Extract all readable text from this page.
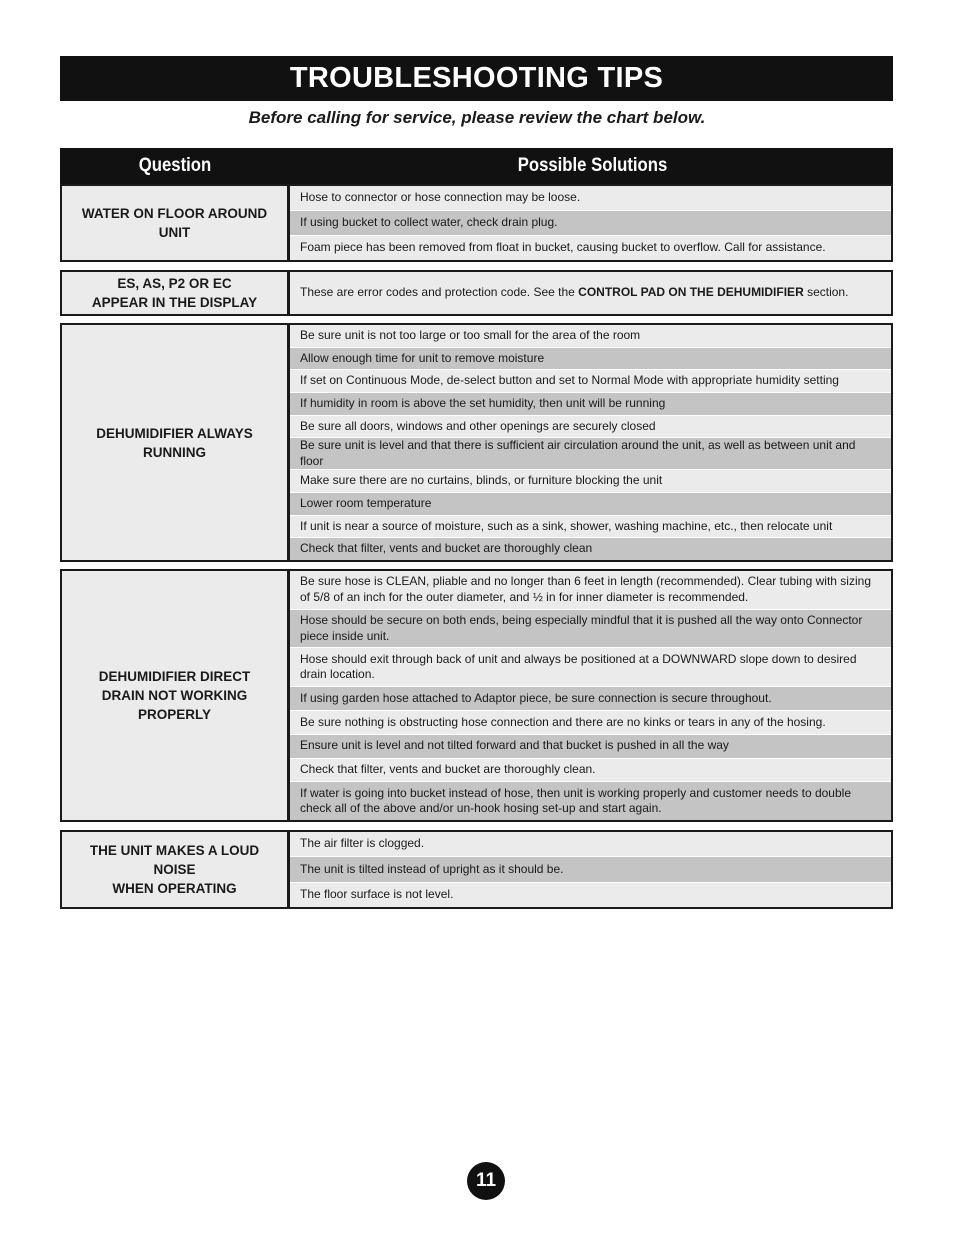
TROUBLESHOOTING TIPS
Before calling for service, please review the chart below.
Question	Possible Solutions
WATER ON FLOOR AROUND UNIT
Hose to connector or hose connection may be loose.
If using bucket to collect water, check drain plug.
Foam piece has been removed from float in bucket, causing bucket to overflow. Call for assistance.
ES, AS, P2 OR EC
APPEAR IN THE DISPLAY
These are error codes and protection code. See the CONTROL PAD ON THE DEHUMIDIFIER section.
DEHUMIDIFIER ALWAYS
RUNNING
Be sure unit is not too large or too small for the area of the room
Allow enough time for unit to remove moisture
If set on Continuous Mode, de-select button and set to Normal Mode with appropriate humidity setting
If humidity in room is above the set humidity, then unit will be running
Be sure all doors, windows and other openings are securely closed
Be sure unit is level and that there is sufficient air circulation around the unit, as well as between unit and floor
Make sure there are no curtains, blinds, or furniture blocking the unit
Lower room temperature
If unit is near a source of moisture, such as a sink, shower, washing machine, etc., then relocate unit
Check that filter, vents and bucket are thoroughly clean
DEHUMIDIFIER DIRECT
DRAIN NOT WORKING
PROPERLY
Be sure hose is CLEAN, pliable and no longer than 6 feet in length (recommended). Clear tubing with sizing of 5/8 of an inch for the outer diameter, and ½ in for inner diameter is recommended.
Hose should be secure on both ends, being especially mindful that it is pushed all the way onto Connector piece inside unit.
Hose should exit through back of unit and always be positioned at a DOWNWARD slope down to desired drain location.
If using garden hose attached to Adaptor piece, be sure connection is secure throughout.
Be sure nothing is obstructing hose connection and there are no kinks or tears in any of the hosing.
Ensure unit is level and not tilted forward and that bucket is pushed in all the way
Check that filter, vents and bucket are thoroughly clean.
If water is going into bucket instead of hose, then unit is working properly and customer needs to double check all of the above and/or un-hook hosing set-up and start again.
THE UNIT MAKES A LOUD NOISE
WHEN OPERATING
The air filter is clogged.
The unit is tilted instead of upright as it should be.
The floor surface is not level.
11
